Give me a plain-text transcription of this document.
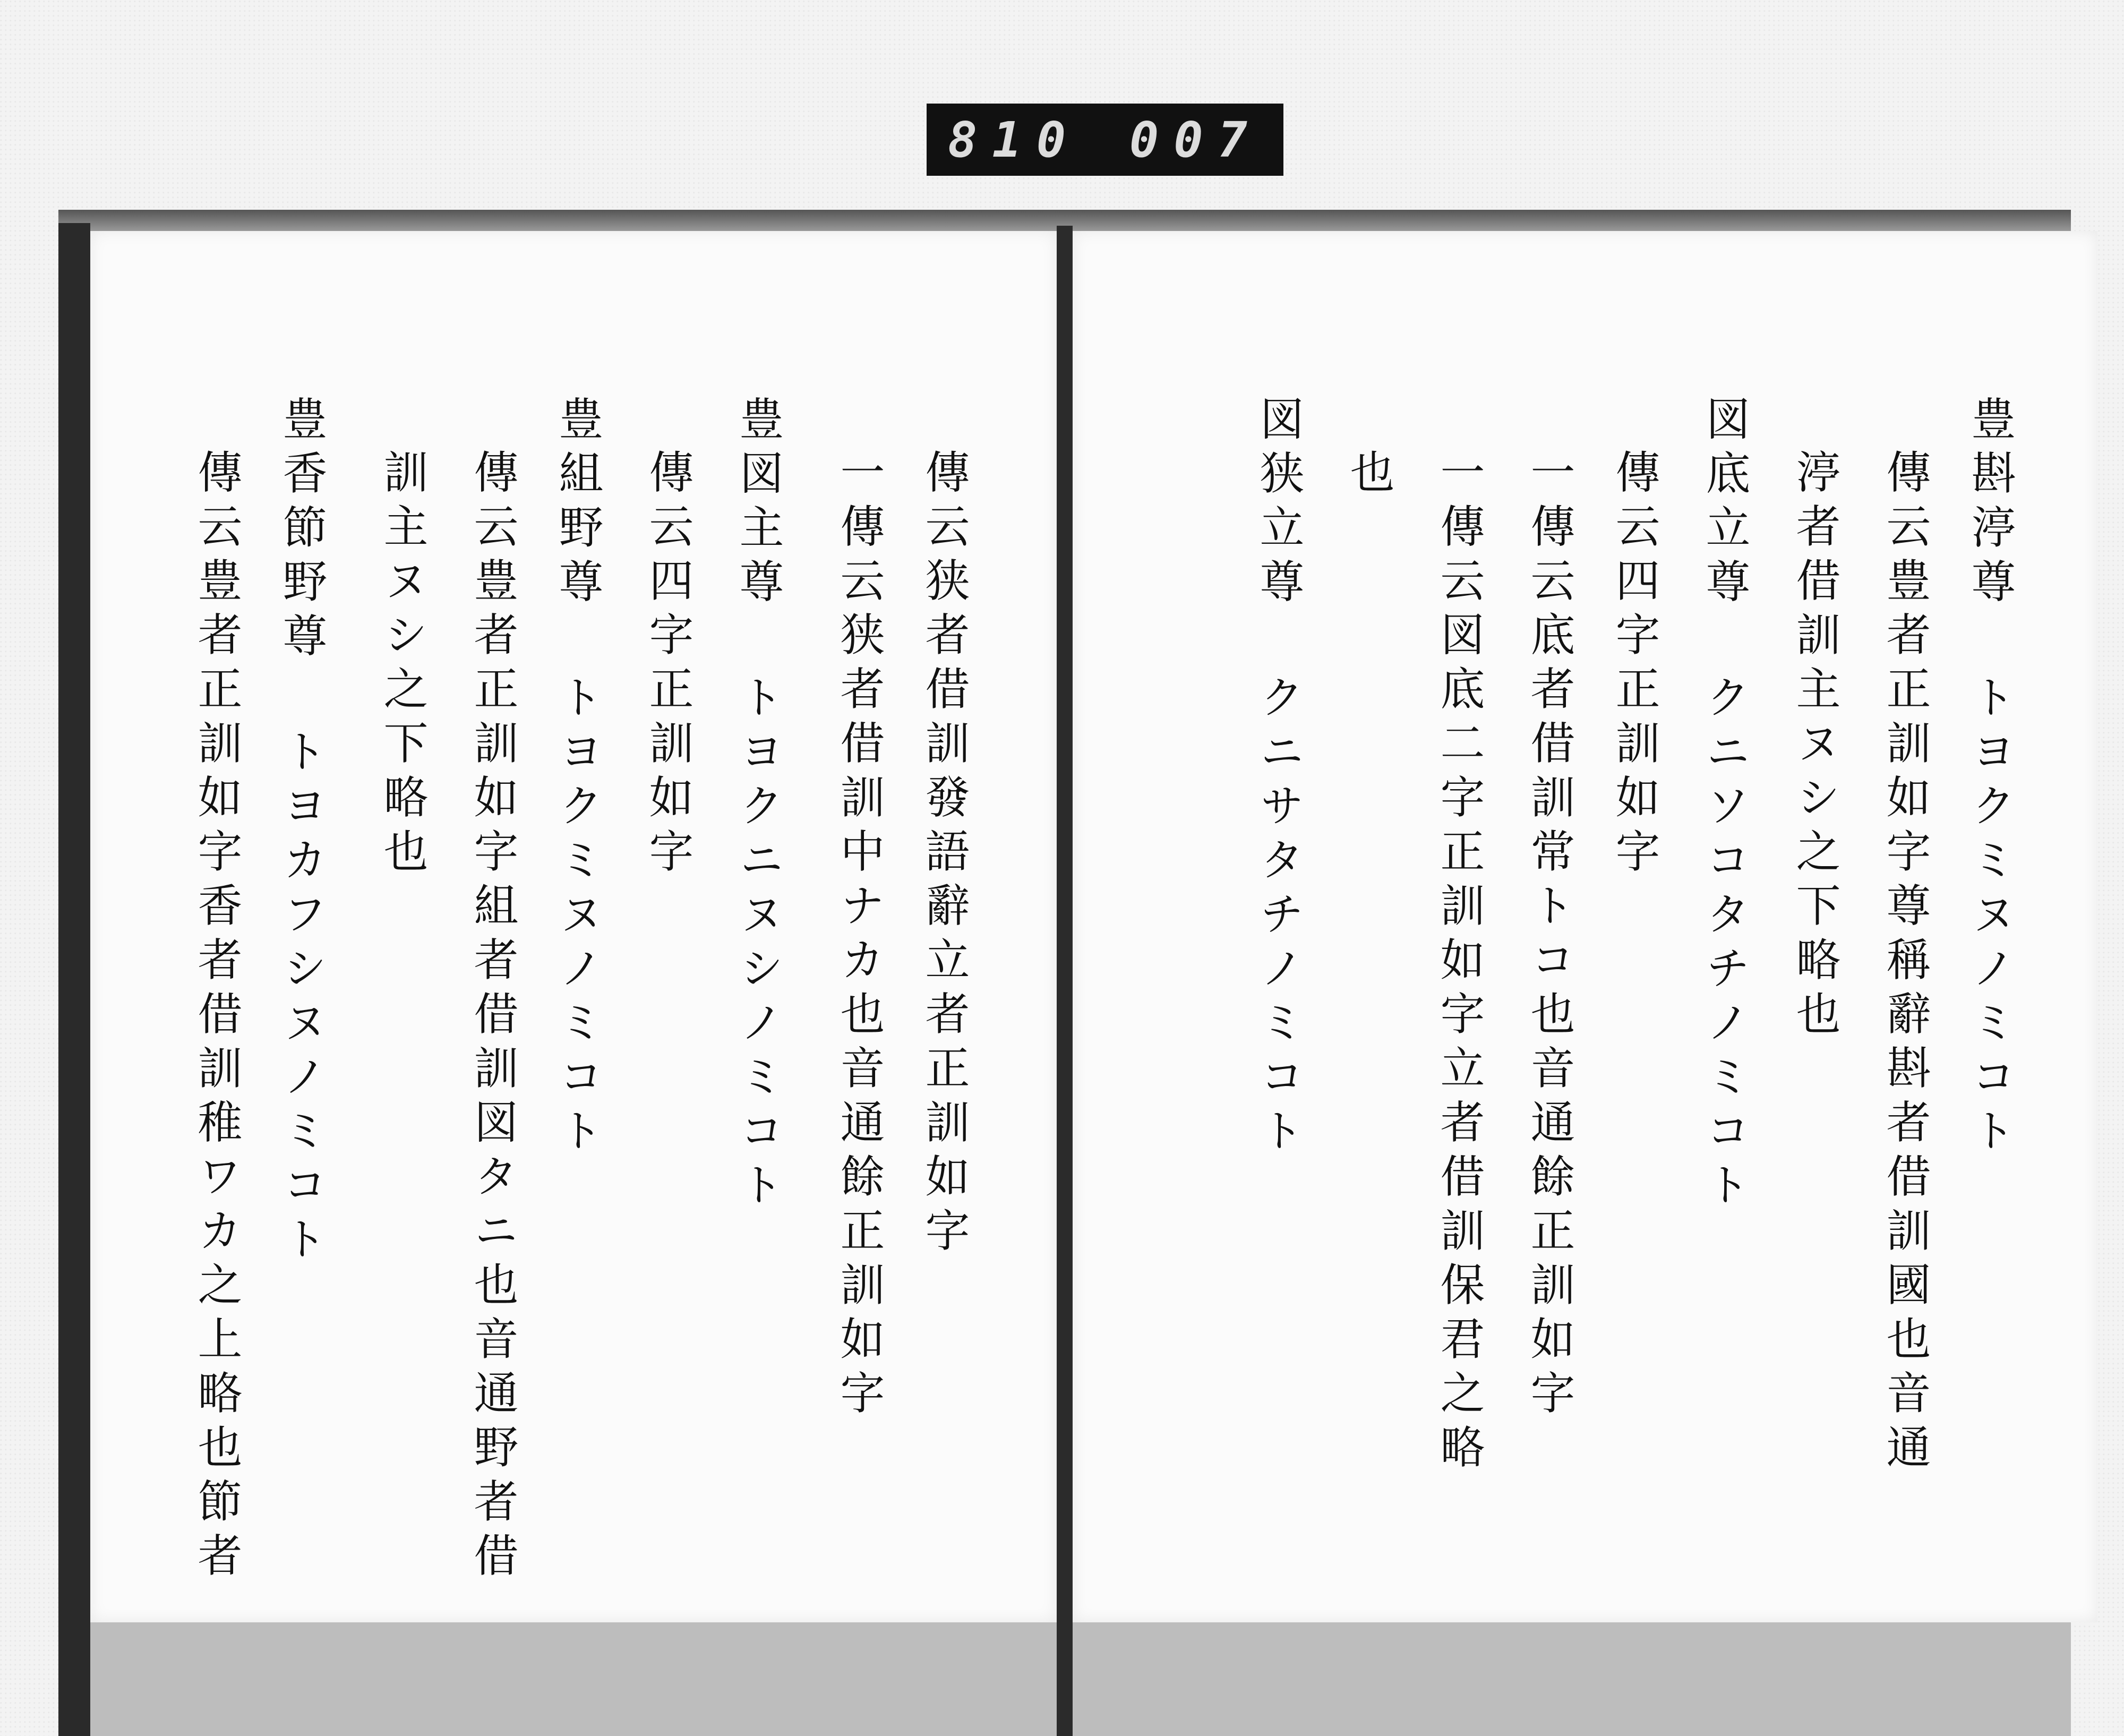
810 007
傳云狭者借訓發語辭立者正訓如字
一傳云狭者借訓中ナカ也音通餘正訓如字
豊図主尊 トヨクニヌシノミコト
傳云四字正訓如字
豊組野尊 トヨクミヌノミコト
傳云豊者正訓如字組者借訓図タニ也音通野者借
訓主ヌシ之下略也
豊香節野尊 トヨカフシヌノミコト
傳云豊者正訓如字香者借訓稚ワカ之上略也節者	豊斟渟尊 トヨクミヌノミコト
傳云豊者正訓如字尊稱辭斟者借訓國也音通
渟者借訓主ヌシ之下略也
図底立尊 クニソコタチノミコト
傳云四字正訓如字
一傳云底者借訓常トコ也音通餘正訓如字
一傳云図底二字正訓如字立者借訓保君之略
也
図狭立尊 クニサタチノミコト
